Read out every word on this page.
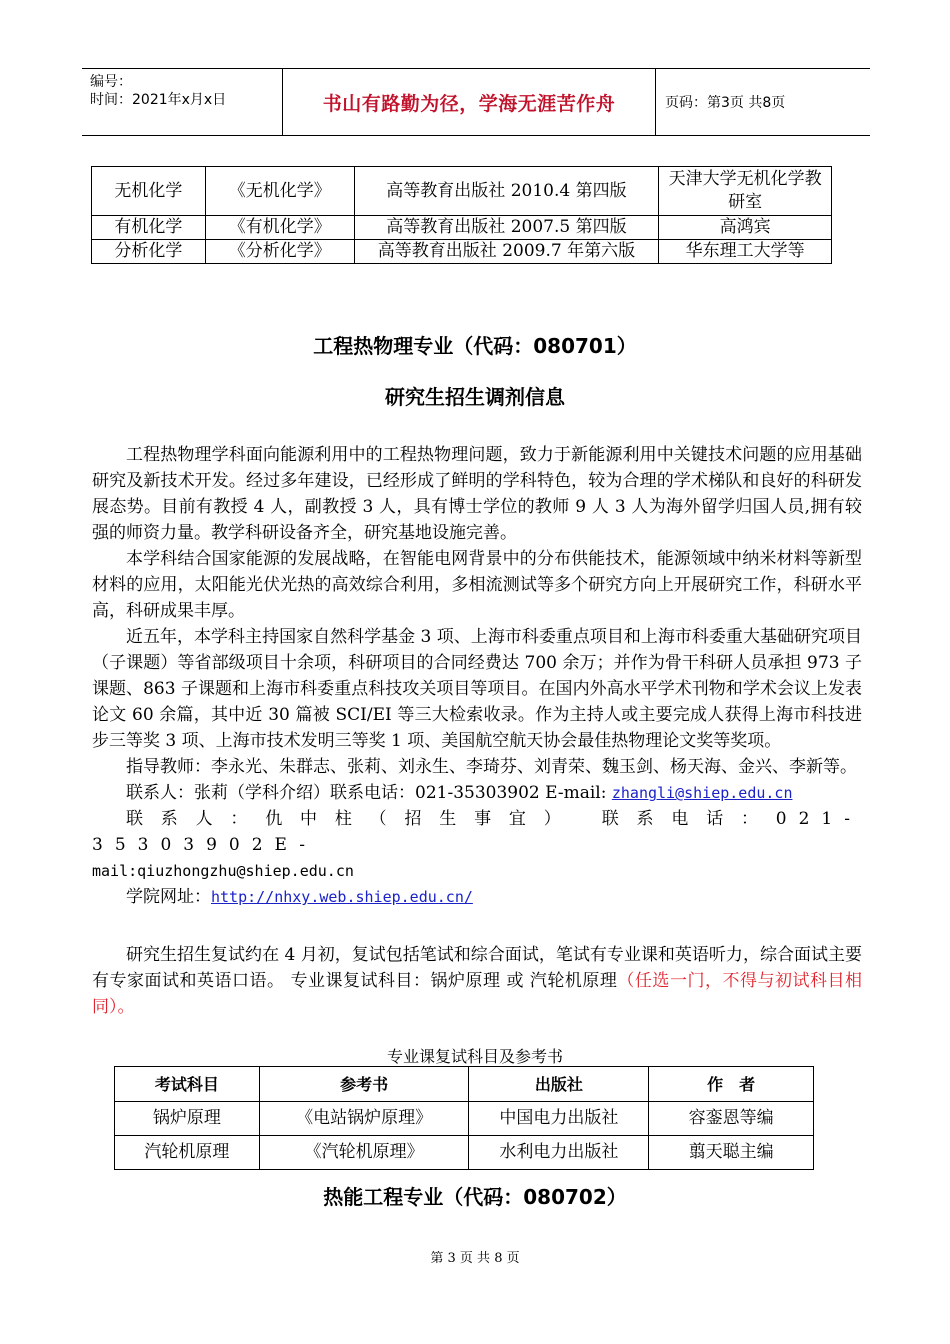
编号：
时间：2021年x月x日	书山有路勤为径，学海无涯苦作舟	页码：第3页 共8页
无机化学	《无机化学》	高等教育出版社 2010.4 第四版	天津大学无机化学教研室
有机化学	《有机化学》	高等教育出版社 2007.5 第四版	高鸿宾
分析化学	《分析化学》	高等教育出版社 2009.7 年第六版	华东理工大学等
工程热物理专业（代码：080701）
研究生招生调剂信息

工程热物理学科面向能源利用中的工程热物理问题，致力于新能源利用中关键技术问题的应用基础研究及新技术开发。经过多年建设，已经形成了鲜明的学科特色，较为合理的学术梯队和良好的科研发展态势。目前有教授 4 人，副教授 3 人，具有博士学位的教师 9 人 3 人为海外留学归国人员,拥有较强的师资力量。教学科研设备齐全，研究基地设施完善。

本学科结合国家能源的发展战略，在智能电网背景中的分布供能技术，能源领域中纳米材料等新型材料的应用，太阳能光伏光热的高效综合利用，多相流测试等多个研究方向上开展研究工作，科研水平高，科研成果丰厚。

近五年，本学科主持国家自然科学基金 3 项、上海市科委重点项目和上海市科委重大基础研究项目（子课题）等省部级项目十余项，科研项目的合同经费达 700 余万；并作为骨干科研人员承担 973 子课题、863 子课题和上海市科委重点科技攻关项目等项目。在国内外高水平学术刊物和学术会议上发表论文 60 余篇，其中近 30 篇被 SCI/EI 等三大检索收录。作为主持人或主要完成人获得上海市科技进步三等奖 3 项、上海市技术发明三等奖 1 项、美国航空航天协会最佳热物理论文奖等奖项。

指导教师：李永光、朱群志、张莉、刘永生、李琦芬、刘青荣、魏玉剑、杨天海、金兴、李新等。

联系人：张莉（学科介绍）联系电话：021-35303902 E-mail: zhangli@shiep.edu.cn

联系人：仇中柱（招生事宜） 联系电话：021-35303902E-

mail:qiuzhongzhu@shiep.edu.cn

学院网址：http://nhxy.web.shiep.edu.cn/

研究生招生复试约在 4 月初，复试包括笔试和综合面试，笔试有专业课和英语听力，综合面试主要有专家面试和英语口语。 专业课复试科目：锅炉原理 或 汽轮机原理（任选一门，不得与初试科目相同）。

专业课复试科目及参考书
考试科目	参考书	出版社	作　者
锅炉原理	《电站锅炉原理》	中国电力出版社	容銮恩等编
汽轮机原理	《汽轮机原理》	水利电力出版社	翦天聪主编
热能工程专业（代码：080702）
第 3 页 共 8 页
